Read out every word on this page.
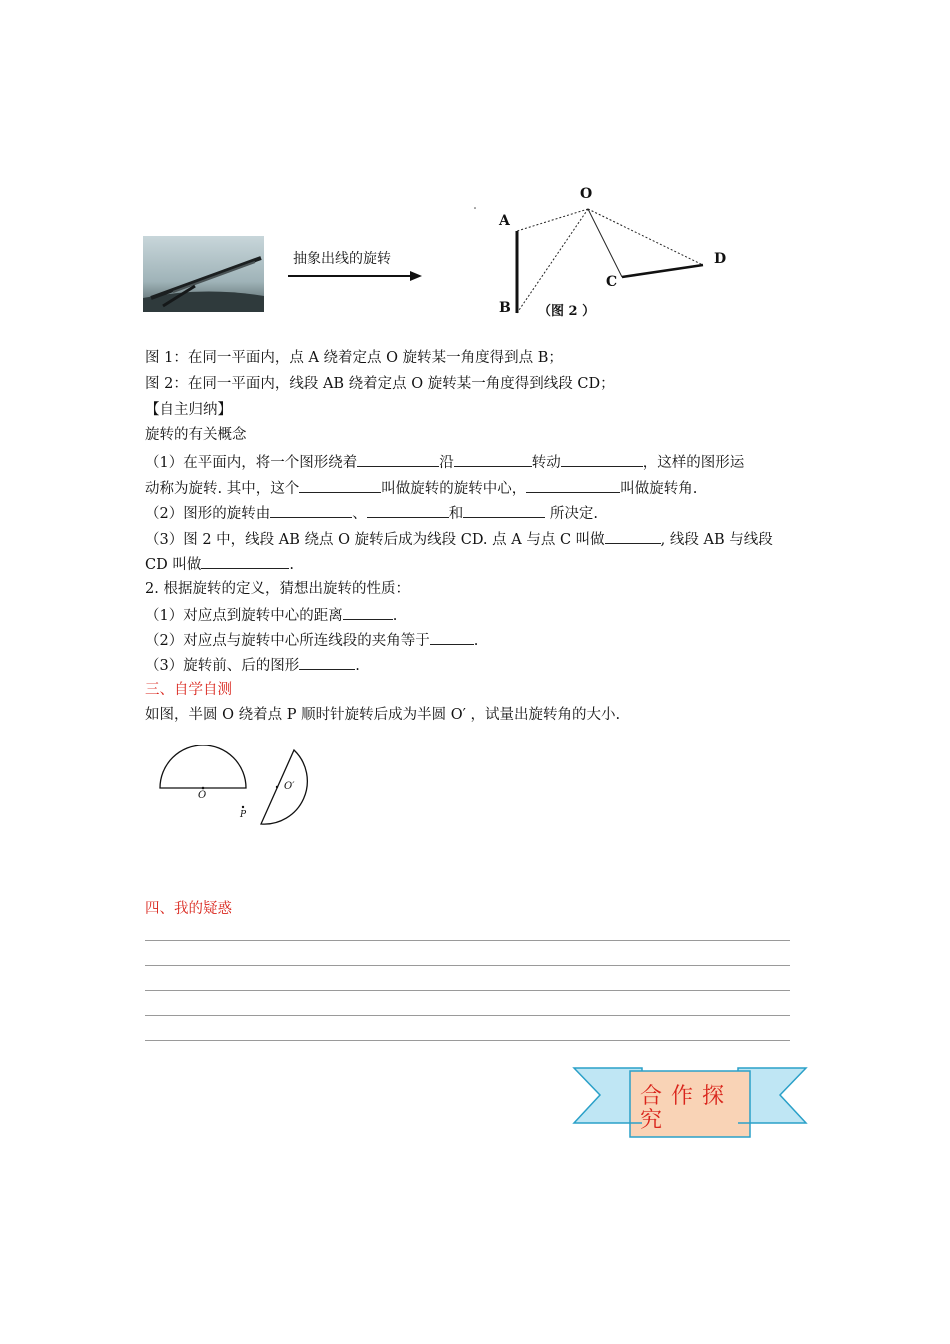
抽象出线的旋转
O
A
B
C
D
（图 2 ）
图 1：在同一平面内，点 A 绕着定点 O 旋转某一角度得到点 B；
图 2：在同一平面内，线段 AB 绕着定点 O 旋转某一角度得到线段 CD；
【自主归纳】
旋转的有关概念
（1）在平面内，将一个图形绕着	沿	转动	，这样的图形运
动称为旋转. 其中，这个	叫做旋转的旋转中心，	叫做旋转角.
（2）图形的旋转由	、	和	所决定.
（3）图 2 中，线段 AB 绕点 O 旋转后成为线段 CD. 点 A 与点 C 叫做	, 线段 AB 与线段
CD 叫做	.
2. 根据旋转的定义，猜想出旋转的性质：
（1）对应点到旋转中心的距离	.
（2）对应点与旋转中心所连线段的夹角等于	.
（3）旋转前、后的图形	.
三、自学自测
如图，半圆 O 绕着点 P 顺时针旋转后成为半圆 O′ ，试量出旋转角的大小.
O
O′
P
四、我的疑惑
合 作 探 究
